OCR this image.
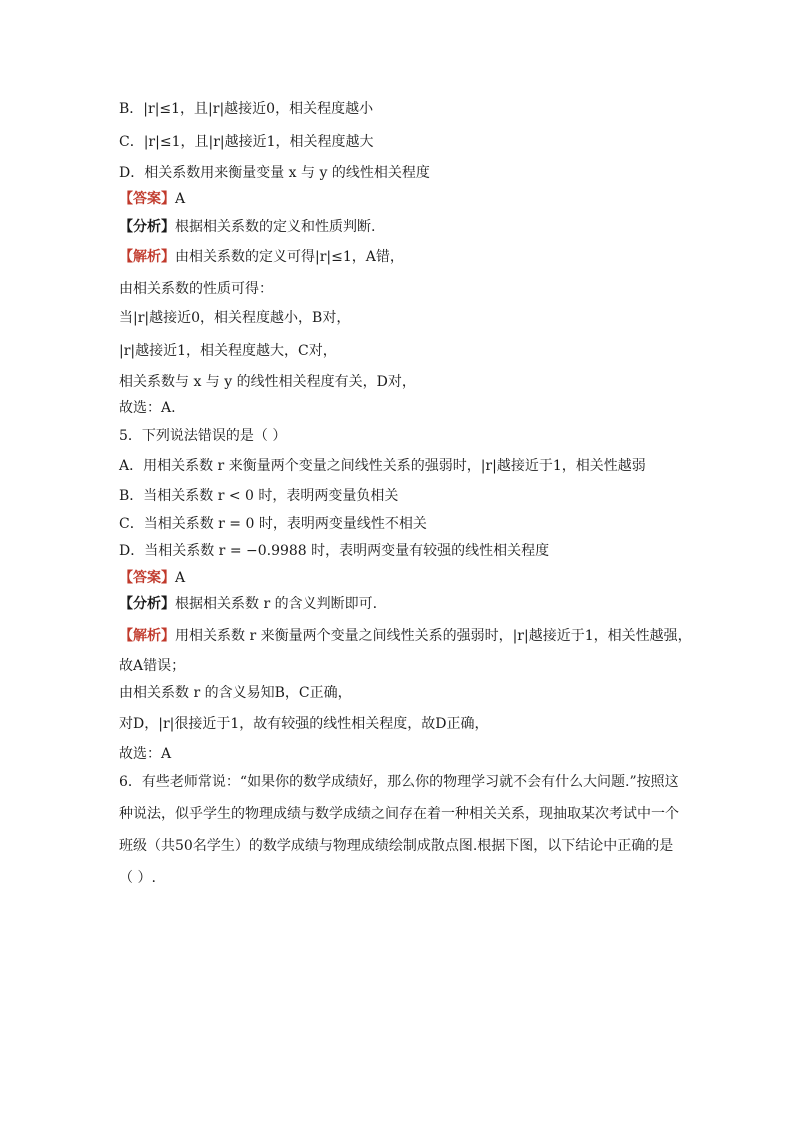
B．|r|≤1，且|r|越接近0，相关程度越小
C．|r|≤1，且|r|越接近1，相关程度越大
D．相关系数用来衡量变量 x 与 y 的线性相关程度
【答案】A
【分析】根据相关系数的定义和性质判断.
【解析】由相关系数的定义可得|r|≤1，A错，
由相关系数的性质可得：
当|r|越接近0，相关程度越小，B对，
|r|越接近1，相关程度越大，C对，
相关系数与 x 与 y 的线性相关程度有关，D对，
故选：A.
5．下列说法错误的是（ ）
A．用相关系数 r 来衡量两个变量之间线性关系的强弱时，|r|越接近于1，相关性越弱
B．当相关系数 r < 0 时，表明两变量负相关
C．当相关系数 r = 0 时，表明两变量线性不相关
D．当相关系数 r = −0.9988 时，表明两变量有较强的线性相关程度
【答案】A
【分析】根据相关系数 r 的含义判断即可.
【解析】用相关系数 r 来衡量两个变量之间线性关系的强弱时，|r|越接近于1，相关性越强，
故A错误；
由相关系数 r 的含义易知B，C正确，
对D，|r|很接近于1，故有较强的线性相关程度，故D正确，
故选：A
6．有些老师常说：“如果你的数学成绩好，那么你的物理学习就不会有什么大问题.”按照这种说法，似乎学生的物理成绩与数学成绩之间存在着一种相关关系，现抽取某次考试中一个班级（共50名学生）的数学成绩与物理成绩绘制成散点图.根据下图，以下结论中正确的是（ ）.
